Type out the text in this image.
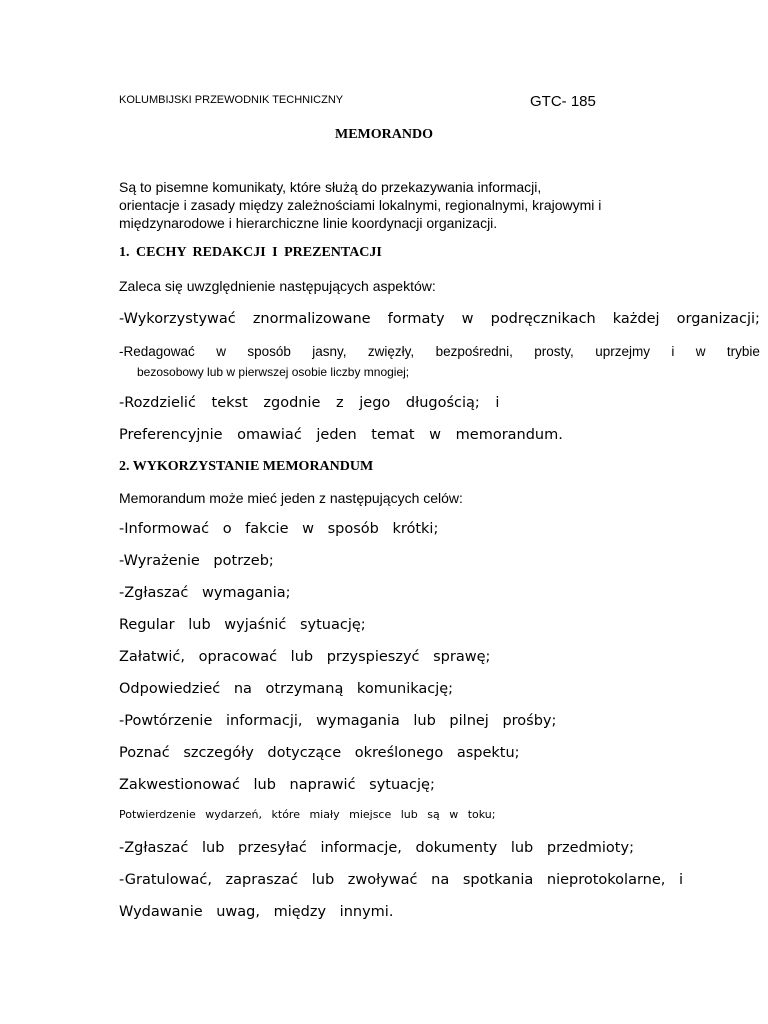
KOLUMBIJSKI PRZEWODNIK TECHNICZNY	GTC- 185

MEMORANDO
Są to pisemne komunikaty, które służą do przekazywania informacji,
orientacje i zasady między zależnościami lokalnymi, regionalnymi, krajowymi i
międzynarodowe i hierarchiczne linie koordynacji organizacji.
1. CECHY REDAKCJI I PREZENTACJI

Zaleca się uwzględnienie następujących aspektów:

-Wykorzystywać znormalizowane formaty w podręcznikach każdej organizacji;
-Redagować w sposób jasny, zwięzły, bezpośredni, prosty, uprzejmy i w trybie

bezosobowy lub w pierwszej osobie liczby mnogiej;

-Rozdzielić tekst zgodnie z jego długością; i

Preferencyjnie omawiać jeden temat w memorandum.

2. WYKORZYSTANIE MEMORANDUM

Memorandum może mieć jeden z następujących celów:

-Informować o fakcie w sposób krótki;

-Wyrażenie potrzeb;

-Zgłaszać wymagania;

Regular lub wyjaśnić sytuację;

Załatwić, opracować lub przyspieszyć sprawę;

Odpowiedzieć na otrzymaną komunikację;

-Powtórzenie informacji, wymagania lub pilnej prośby;

Poznać szczegóły dotyczące określonego aspektu;

Zakwestionować lub naprawić sytuację;

Potwierdzenie wydarzeń, które miały miejsce lub są w toku;

-Zgłaszać lub przesyłać informacje, dokumenty lub przedmioty;

-Gratulować, zapraszać lub zwoływać na spotkania nieprotokolarne, i

Wydawanie uwag, między innymi.
